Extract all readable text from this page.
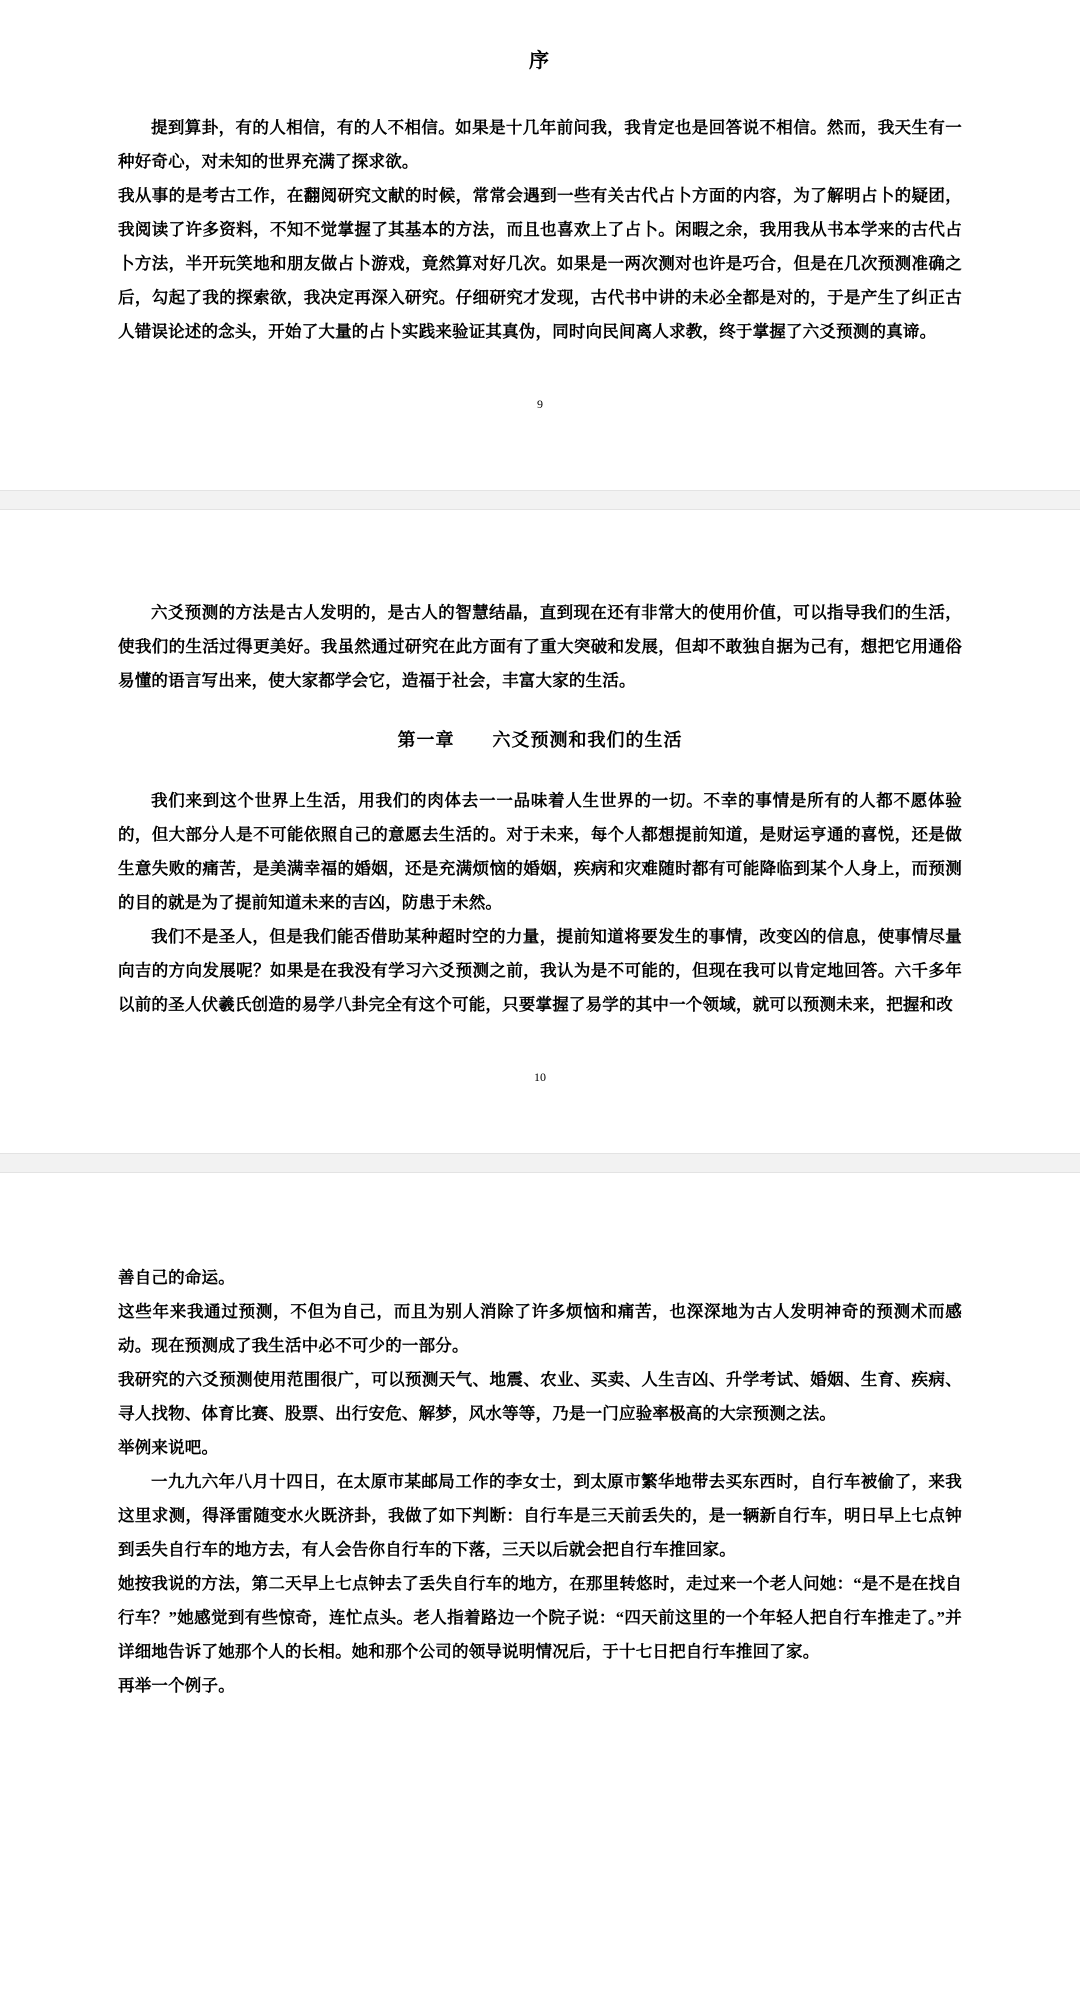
序

提到算卦，有的人相信，有的人不相信。如果是十几年前问我，我肯定也是回答说不相信。然而，我天生有一种好奇心，对未知的世界充满了探求欲。

我从事的是考古工作，在翻阅研究文献的时候，常常会遇到一些有关古代占卜方面的内容，为了解明占卜的疑团，我阅读了许多资料，不知不觉掌握了其基本的方法，而且也喜欢上了占卜。闲暇之余，我用我从书本学来的古代占卜方法，半开玩笑地和朋友做占卜游戏，竟然算对好几次。如果是一两次测对也许是巧合，但是在几次预测准确之后，勾起了我的探索欲，我决定再深入研究。仔细研究才发现，古代书中讲的未必全都是对的，于是产生了纠正古人错误论述的念头，开始了大量的占卜实践来验证其真伪，同时向民间离人求教，终于掌握了六爻预测的真谛。

9

六爻预测的方法是古人发明的，是古人的智慧结晶，直到现在还有非常大的使用价值，可以指导我们的生活，使我们的生活过得更美好。我虽然通过研究在此方面有了重大突破和发展，但却不敢独自据为己有，想把它用通俗易懂的语言写出来，使大家都学会它，造福于社会，丰富大家的生活。

第一章　　六爻预测和我们的生活

我们来到这个世界上生活，用我们的肉体去一一品味着人生世界的一切。不幸的事情是所有的人都不愿体验的，但大部分人是不可能依照自己的意愿去生活的。对于未来，每个人都想提前知道，是财运亨通的喜悦，还是做生意失败的痛苦，是美满幸福的婚姻，还是充满烦恼的婚姻，疾病和灾难随时都有可能降临到某个人身上，而预测的目的就是为了提前知道未来的吉凶，防患于未然。

我们不是圣人，但是我们能否借助某种超时空的力量，提前知道将要发生的事情，改变凶的信息，使事情尽量向吉的方向发展呢？如果是在我没有学习六爻预测之前，我认为是不可能的，但现在我可以肯定地回答。六千多年以前的圣人伏羲氏创造的易学八卦完全有这个可能，只要掌握了易学的其中一个领域，就可以预测未来，把握和改

10

善自己的命运。

这些年来我通过预测，不但为自己，而且为别人消除了许多烦恼和痛苦，也深深地为古人发明神奇的预测术而感动。现在预测成了我生活中必不可少的一部分。

我研究的六爻预测使用范围很广，可以预测天气、地震、农业、买卖、人生吉凶、升学考试、婚姻、生育、疾病、寻人找物、体育比赛、股票、出行安危、解梦，风水等等，乃是一门应验率极高的大宗预测之法。

举例来说吧。

一九九六年八月十四日，在太原市某邮局工作的李女士，到太原市繁华地带去买东西时，自行车被偷了，来我这里求测，得泽雷随变水火既济卦，我做了如下判断：自行车是三天前丢失的，是一辆新自行车，明日早上七点钟到丢失自行车的地方去，有人会告你自行车的下落，三天以后就会把自行车推回家。

她按我说的方法，第二天早上七点钟去了丢失自行车的地方，在那里转悠时，走过来一个老人问她：“是不是在找自行车？”她感觉到有些惊奇，连忙点头。老人指着路边一个院子说：“四天前这里的一个年轻人把自行车推走了。”并详细地告诉了她那个人的长相。她和那个公司的领导说明情况后，于十七日把自行车推回了家。

再举一个例子。
